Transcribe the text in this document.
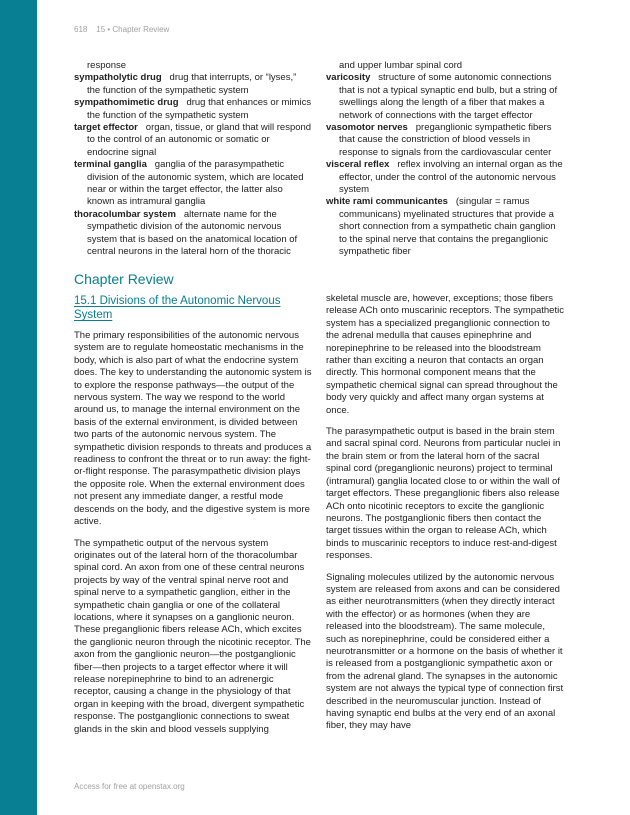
618 15 • Chapter Review

response

sympatholytic drug drug that interrupts, or “lyses,” the function of the sympathetic system

sympathomimetic drug drug that enhances or mimics the function of the sympathetic system

target effector organ, tissue, or gland that will respond to the control of an autonomic or somatic or endocrine signal

terminal ganglia ganglia of the parasympathetic division of the autonomic system, which are located near or within the target effector, the latter also known as intramural ganglia

thoracolumbar system alternate name for the sympathetic division of the autonomic nervous system that is based on the anatomical location of central neurons in the lateral horn of the thoracic

and upper lumbar spinal cord

varicosity structure of some autonomic connections that is not a typical synaptic end bulb, but a string of swellings along the length of a fiber that makes a network of connections with the target effector

vasomotor nerves preganglionic sympathetic fibers that cause the constriction of blood vessels in response to signals from the cardiovascular center

visceral reflex reflex involving an internal organ as the effector, under the control of the autonomic nervous system

white rami communicantes (singular = ramus communicans) myelinated structures that provide a short connection from a sympathetic chain ganglion to the spinal nerve that contains the preganglionic sympathetic fiber

Chapter Review
15.1 Divisions of the Autonomic Nervous System

The primary responsibilities of the autonomic nervous system are to regulate homeostatic mechanisms in the body, which is also part of what the endocrine system does. The key to understanding the autonomic system is to explore the response pathways—the output of the nervous system. The way we respond to the world around us, to manage the internal environment on the basis of the external environment, is divided between two parts of the autonomic nervous system. The sympathetic division responds to threats and produces a readiness to confront the threat or to run away: the fight-or-flight response. The parasympathetic division plays the opposite role. When the external environment does not present any immediate danger, a restful mode descends on the body, and the digestive system is more active.

The sympathetic output of the nervous system originates out of the lateral horn of the thoracolumbar spinal cord. An axon from one of these central neurons projects by way of the ventral spinal nerve root and spinal nerve to a sympathetic ganglion, either in the sympathetic chain ganglia or one of the collateral locations, where it synapses on a ganglionic neuron. These preganglionic fibers release ACh, which excites the ganglionic neuron through the nicotinic receptor. The axon from the ganglionic neuron—the postganglionic fiber—then projects to a target effector where it will release norepinephrine to bind to an adrenergic receptor, causing a change in the physiology of that organ in keeping with the broad, divergent sympathetic response. The postganglionic connections to sweat glands in the skin and blood vessels supplying

skeletal muscle are, however, exceptions; those fibers release ACh onto muscarinic receptors. The sympathetic system has a specialized preganglionic connection to the adrenal medulla that causes epinephrine and norepinephrine to be released into the bloodstream rather than exciting a neuron that contacts an organ directly. This hormonal component means that the sympathetic chemical signal can spread throughout the body very quickly and affect many organ systems at once.

The parasympathetic output is based in the brain stem and sacral spinal cord. Neurons from particular nuclei in the brain stem or from the lateral horn of the sacral spinal cord (preganglionic neurons) project to terminal (intramural) ganglia located close to or within the wall of target effectors. These preganglionic fibers also release ACh onto nicotinic receptors to excite the ganglionic neurons. The postganglionic fibers then contact the target tissues within the organ to release ACh, which binds to muscarinic receptors to induce rest-and-digest responses.

Signaling molecules utilized by the autonomic nervous system are released from axons and can be considered as either neurotransmitters (when they directly interact with the effector) or as hormones (when they are released into the bloodstream). The same molecule, such as norepinephrine, could be considered either a neurotransmitter or a hormone on the basis of whether it is released from a postganglionic sympathetic axon or from the adrenal gland. The synapses in the autonomic system are not always the typical type of connection first described in the neuromuscular junction. Instead of having synaptic end bulbs at the very end of an axonal fiber, they may have

Access for free at openstax.org
